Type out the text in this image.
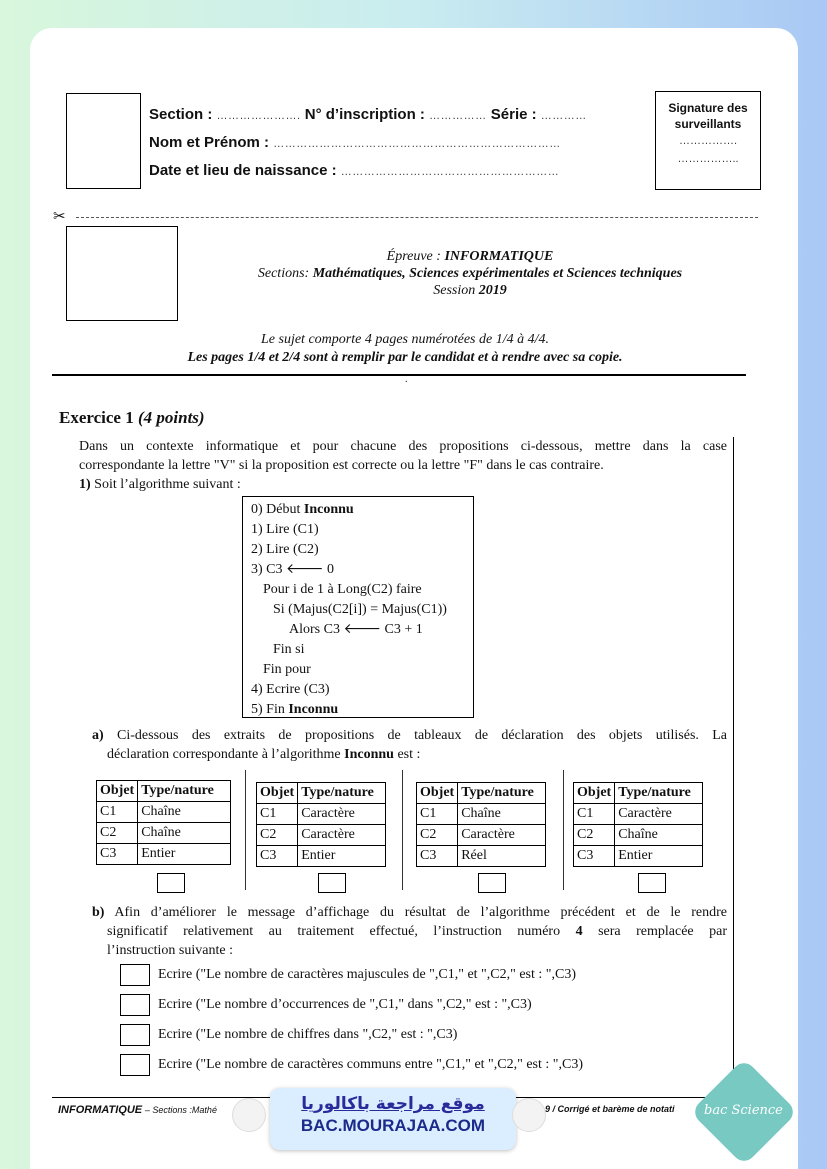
Section : …………………. N° d’inscription : …………… Série : …………
Nom et Prénom : …………………………………………………………………
Date et lieu de naissance : …………………………………………………
Signature des surveillants
…………….
……………..
✂
Épreuve : INFORMATIQUE
Sections: Mathématiques, Sciences expérimentales et Sciences techniques
Session 2019
Le sujet comporte 4 pages numérotées de 1/4 à 4/4.
Les pages 1/4 et 2/4 sont à remplir par le candidat et à rendre avec sa copie.
.
Exercice 1 (4 points)
Dans un contexte informatique et pour chacune des propositions ci-dessous, mettre dans la case
correspondante la lettre "V" si la proposition est correcte ou la lettre "F" dans le cas contraire.
1) Soit l’algorithme suivant :
0) Début Inconnu
1) Lire (C1)
2) Lire (C2)
3) C3 🡐 0
Pour i de 1 à Long(C2) faire
Si (Majus(C2[i]) = Majus(C1))
Alors C3 🡐 C3 + 1
Fin si
Fin pour
4) Ecrire (C3)
5) Fin Inconnu
a) Ci-dessous des extraits de propositions de tableaux de déclaration des objets utilisés. La
déclaration correspondante à l’algorithme Inconnu est :
Objet	Type/nature
C1	Chaîne
C2	Chaîne
C3	Entier
Objet	Type/nature
C1	Caractère
C2	Caractère
C3	Entier
Objet	Type/nature
C1	Chaîne
C2	Caractère
C3	Réel
Objet	Type/nature
C1	Caractère
C2	Chaîne
C3	Entier
b) Afin d’améliorer le message d’affichage du résultat de l’algorithme précédent et de le rendre
significatif relativement au traitement effectué, l’instruction numéro 4 sera remplacée par
l’instruction suivante :
Ecrire ("Le nombre de caractères majuscules de ",C1," et ",C2," est : ",C3)
Ecrire ("Le nombre d’occurrences de ",C1," dans ",C2," est : ",C3)
Ecrire ("Le nombre de chiffres dans ",C2," est : ",C3)
Ecrire ("Le nombre de caractères communs entre ",C1," et ",C2," est : ",C3)
INFORMATIQUE – Sections :Mathé	9 / Corrigé et barème de notati
موقع مراجعة باكالوريا
BAC.MOURAJAA.COM
bac Science
